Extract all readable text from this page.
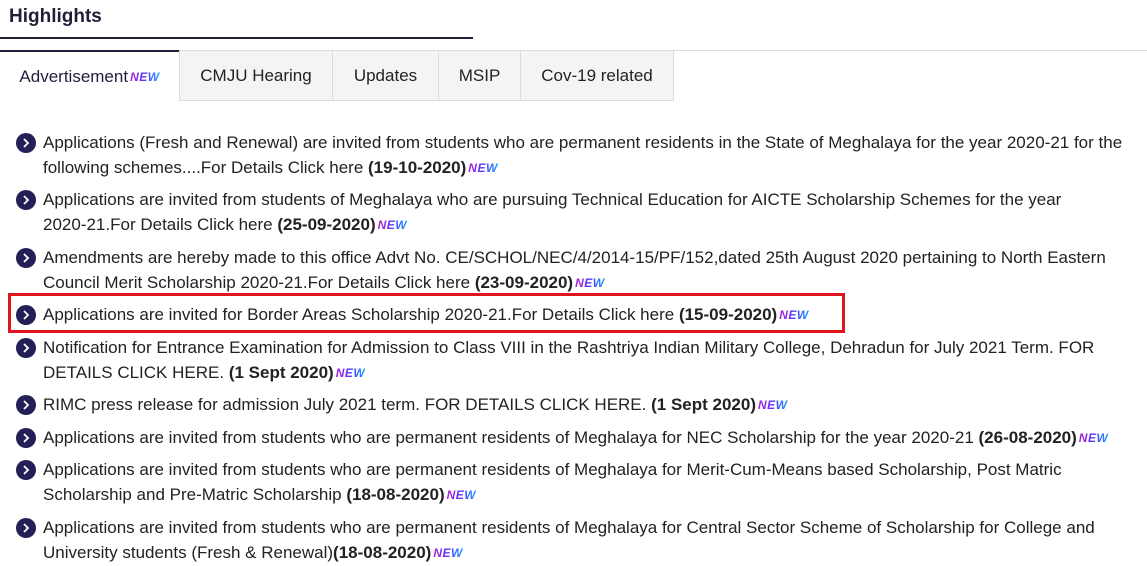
Highlights
Advertisement NEW CMJU Hearing Updates MSIP Cov-19 related
Applications (Fresh and Renewal) are invited from students who are permanent residents in the State of Meghalaya for the year 2020-21 for the following schemes....For Details Click here (19-10-2020) NEW
Applications are invited from students of Meghalaya who are pursuing Technical Education for AICTE Scholarship Schemes for the year 2020-21.For Details Click here (25-09-2020) NEW
Amendments are hereby made to this office Advt No. CE/SCHOL/NEC/4/2014-15/PF/152,dated 25th August 2020 pertaining to North Eastern Council Merit Scholarship 2020-21.For Details Click here (23-09-2020) NEW
Applications are invited for Border Areas Scholarship 2020-21.For Details Click here (15-09-2020) NEW
Notification for Entrance Examination for Admission to Class VIII in the Rashtriya Indian Military College, Dehradun for July 2021 Term. FOR DETAILS CLICK HERE. (1 Sept 2020) NEW
RIMC press release for admission July 2021 term. FOR DETAILS CLICK HERE. (1 Sept 2020) NEW
Applications are invited from students who are permanent residents of Meghalaya for NEC Scholarship for the year 2020-21 (26-08-2020) NEW
Applications are invited from students who are permanent residents of Meghalaya for Merit-Cum-Means based Scholarship, Post Matric Scholarship and Pre-Matric Scholarship (18-08-2020) NEW
Applications are invited from students who are permanent residents of Meghalaya for Central Sector Scheme of Scholarship for College and University students (Fresh & Renewal)(18-08-2020) NEW
